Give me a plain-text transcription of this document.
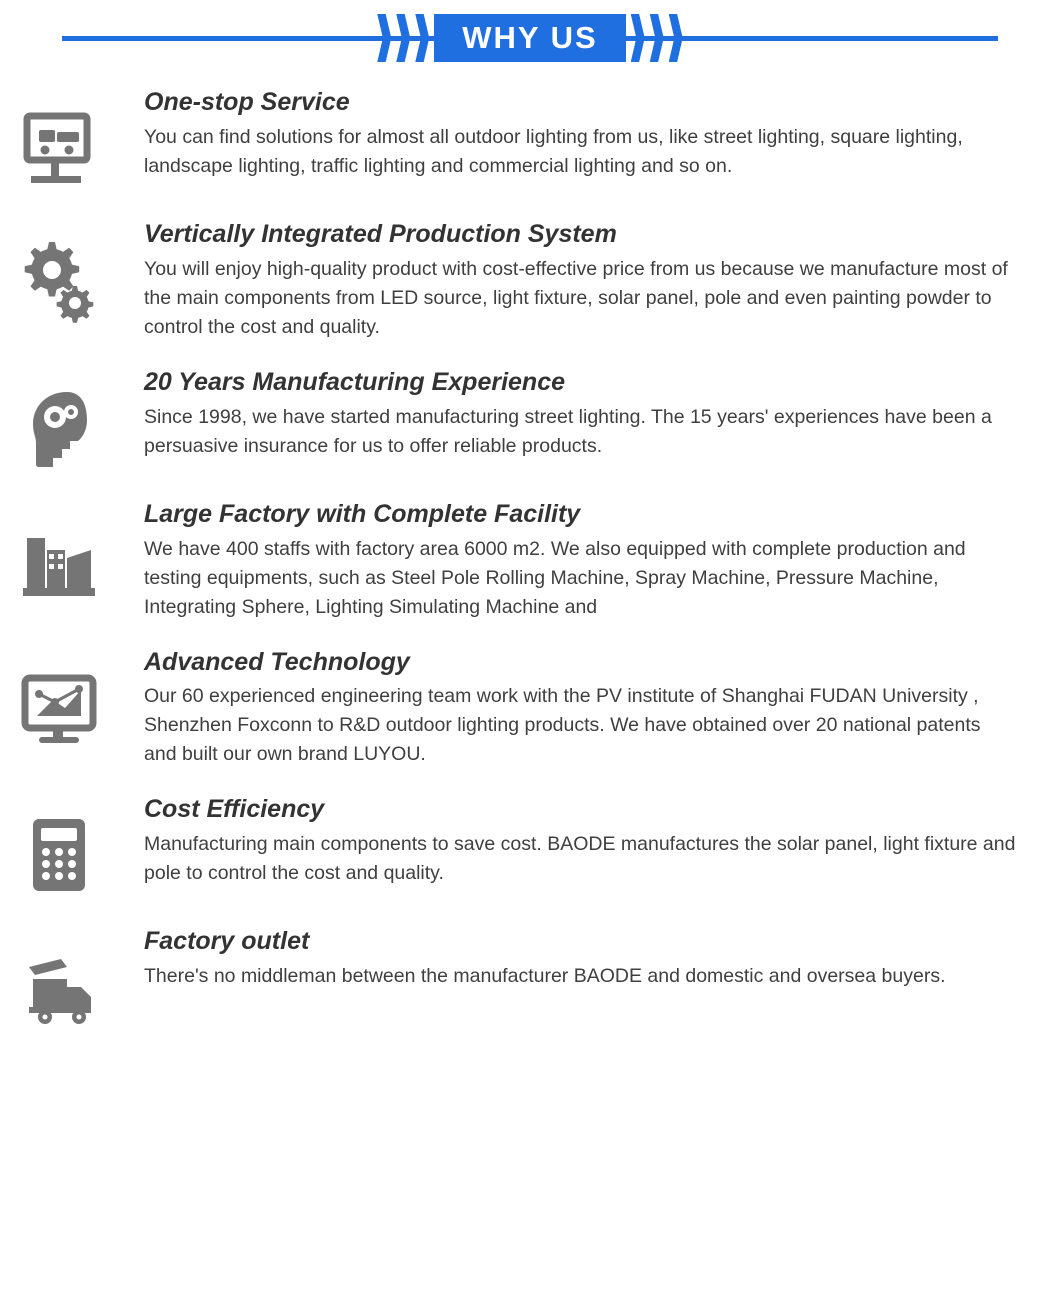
WHY US
One-stop Service

You can find solutions for almost all outdoor lighting from us, like street lighting, square lighting, landscape lighting, traffic lighting and commercial lighting and so on.

Vertically Integrated Production System

You will enjoy high-quality product with cost-effective price from us because we manufacture most of the main components from LED source, light fixture, solar panel, pole and even painting powder to control the cost and quality.

20 Years Manufacturing Experience

Since 1998, we have started manufacturing street lighting. The 15 years' experiences have been a persuasive insurance for us to offer reliable products.

Large Factory with Complete Facility

We have 400 staffs with factory area 6000 m2. We also equipped with complete production and testing equipments, such as Steel Pole Rolling Machine, Spray Machine, Pressure Machine, Integrating Sphere, Lighting Simulating Machine and

Advanced Technology

Our 60 experienced engineering team work with the PV institute of Shanghai FUDAN University , Shenzhen Foxconn to R&D outdoor lighting products. We have obtained over 20 national patents and built our own brand LUYOU.

Cost Efficiency

Manufacturing main components to save cost. BAODE manufactures the solar panel, light fixture and pole to control the cost and quality.

Factory outlet

There's no middleman between the manufacturer BAODE and domestic and oversea buyers.
